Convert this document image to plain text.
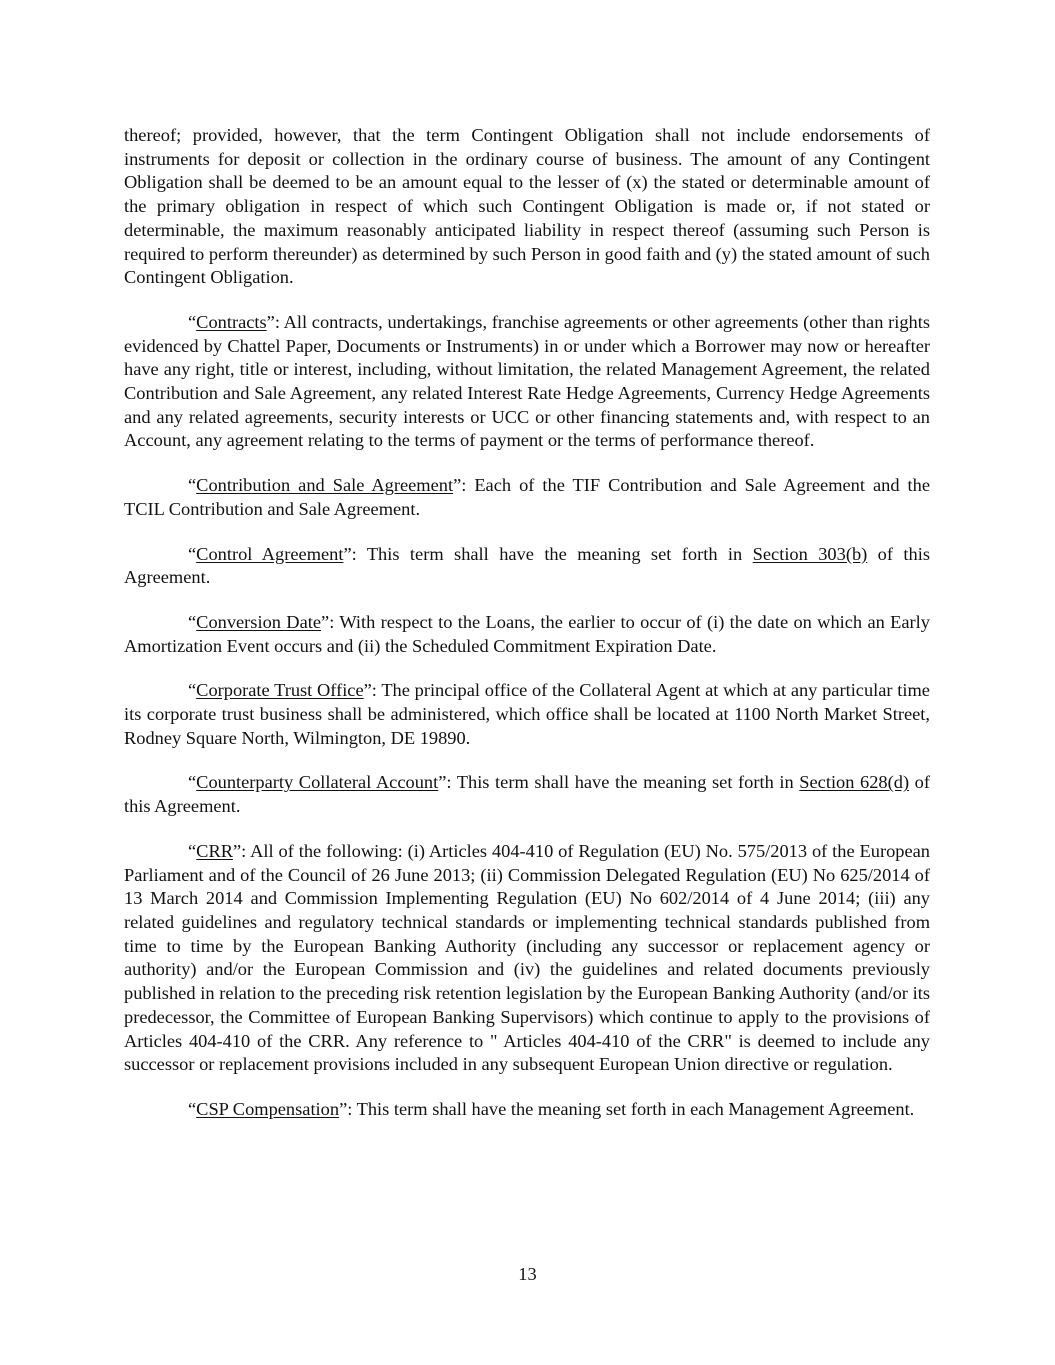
thereof; provided, however, that the term Contingent Obligation shall not include endorsements of instruments for deposit or collection in the ordinary course of business. The amount of any Contingent Obligation shall be deemed to be an amount equal to the lesser of (x) the stated or determinable amount of the primary obligation in respect of which such Contingent Obligation is made or, if not stated or determinable, the maximum reasonably anticipated liability in respect thereof (assuming such Person is required to perform thereunder) as determined by such Person in good faith and (y) the stated amount of such Contingent Obligation.

“Contracts”: All contracts, undertakings, franchise agreements or other agreements (other than rights evidenced by Chattel Paper, Documents or Instruments) in or under which a Borrower may now or hereafter have any right, title or interest, including, without limitation, the related Management Agreement, the related Contribution and Sale Agreement, any related Interest Rate Hedge Agreements, Currency Hedge Agreements and any related agreements, security interests or UCC or other financing statements and, with respect to an Account, any agreement relating to the terms of payment or the terms of performance thereof.

“Contribution and Sale Agreement”: Each of the TIF Contribution and Sale Agreement and the TCIL Contribution and Sale Agreement.

“Control Agreement”: This term shall have the meaning set forth in Section 303(b) of this Agreement.

“Conversion Date”: With respect to the Loans, the earlier to occur of (i) the date on which an Early Amortization Event occurs and (ii) the Scheduled Commitment Expiration Date.

“Corporate Trust Office”: The principal office of the Collateral Agent at which at any particular time its corporate trust business shall be administered, which office shall be located at 1100 North Market Street, Rodney Square North, Wilmington, DE 19890.

“Counterparty Collateral Account”: This term shall have the meaning set forth in Section 628(d) of this Agreement.

“CRR”: All of the following: (i) Articles 404-410 of Regulation (EU) No. 575/2013 of the European Parliament and of the Council of 26 June 2013; (ii) Commission Delegated Regulation (EU) No 625/2014 of 13 March 2014 and Commission Implementing Regulation (EU) No 602/2014 of 4 June 2014; (iii) any related guidelines and regulatory technical standards or implementing technical standards published from time to time by the European Banking Authority (including any successor or replacement agency or authority) and/or the European Commission and (iv) the guidelines and related documents previously published in relation to the preceding risk retention legislation by the European Banking Authority (and/or its predecessor, the Committee of European Banking Supervisors) which continue to apply to the provisions of Articles 404-410 of the CRR. Any reference to " Articles 404-410 of the CRR" is deemed to include any successor or replacement provisions included in any subsequent European Union directive or regulation.

“CSP Compensation”: This term shall have the meaning set forth in each Management Agreement.

13
